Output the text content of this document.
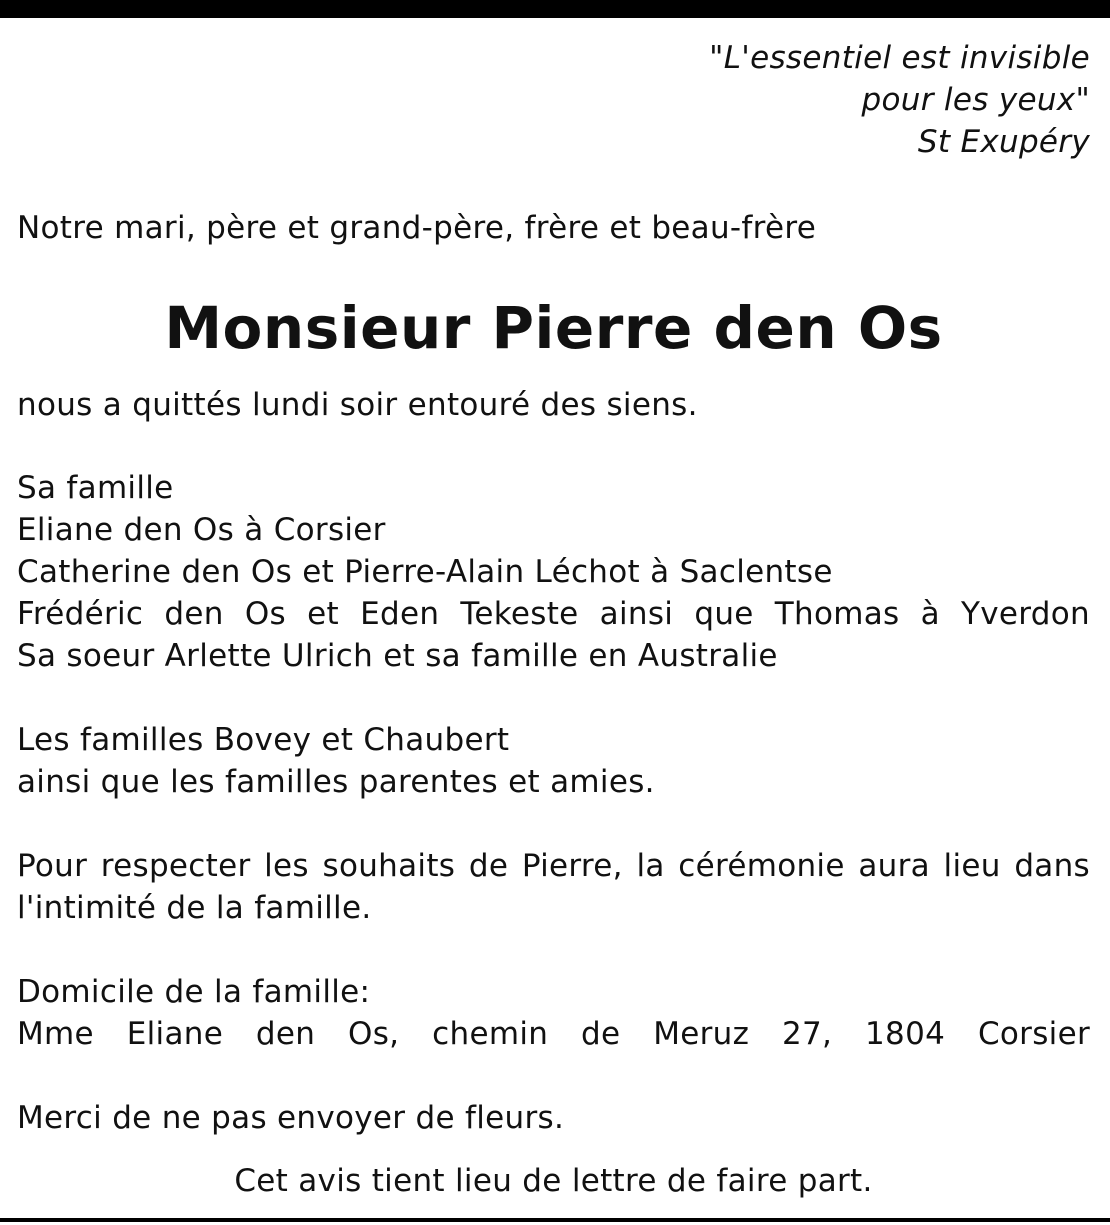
"L'essentiel est invisible
pour les yeux"
St Exupéry
Notre mari, père et grand-père, frère et beau-frère
Monsieur Pierre den Os
nous a quittés lundi soir entouré des siens.
Sa famille
Eliane den Os à Corsier
Catherine den Os et Pierre-Alain Léchot à Saclentse
Frédéric den Os et Eden Tekeste ainsi que Thomas à Yverdon
Sa soeur Arlette Ulrich et sa famille en Australie
Les familles Bovey et Chaubert
ainsi que les familles parentes et amies.
Pour respecter les souhaits de Pierre, la cérémonie aura lieu dans l'intimité de la famille.
Domicile de la famille:
Mme Eliane den Os, chemin de Meruz 27, 1804 Corsier
Merci de ne pas envoyer de fleurs.
Cet avis tient lieu de lettre de faire part.
